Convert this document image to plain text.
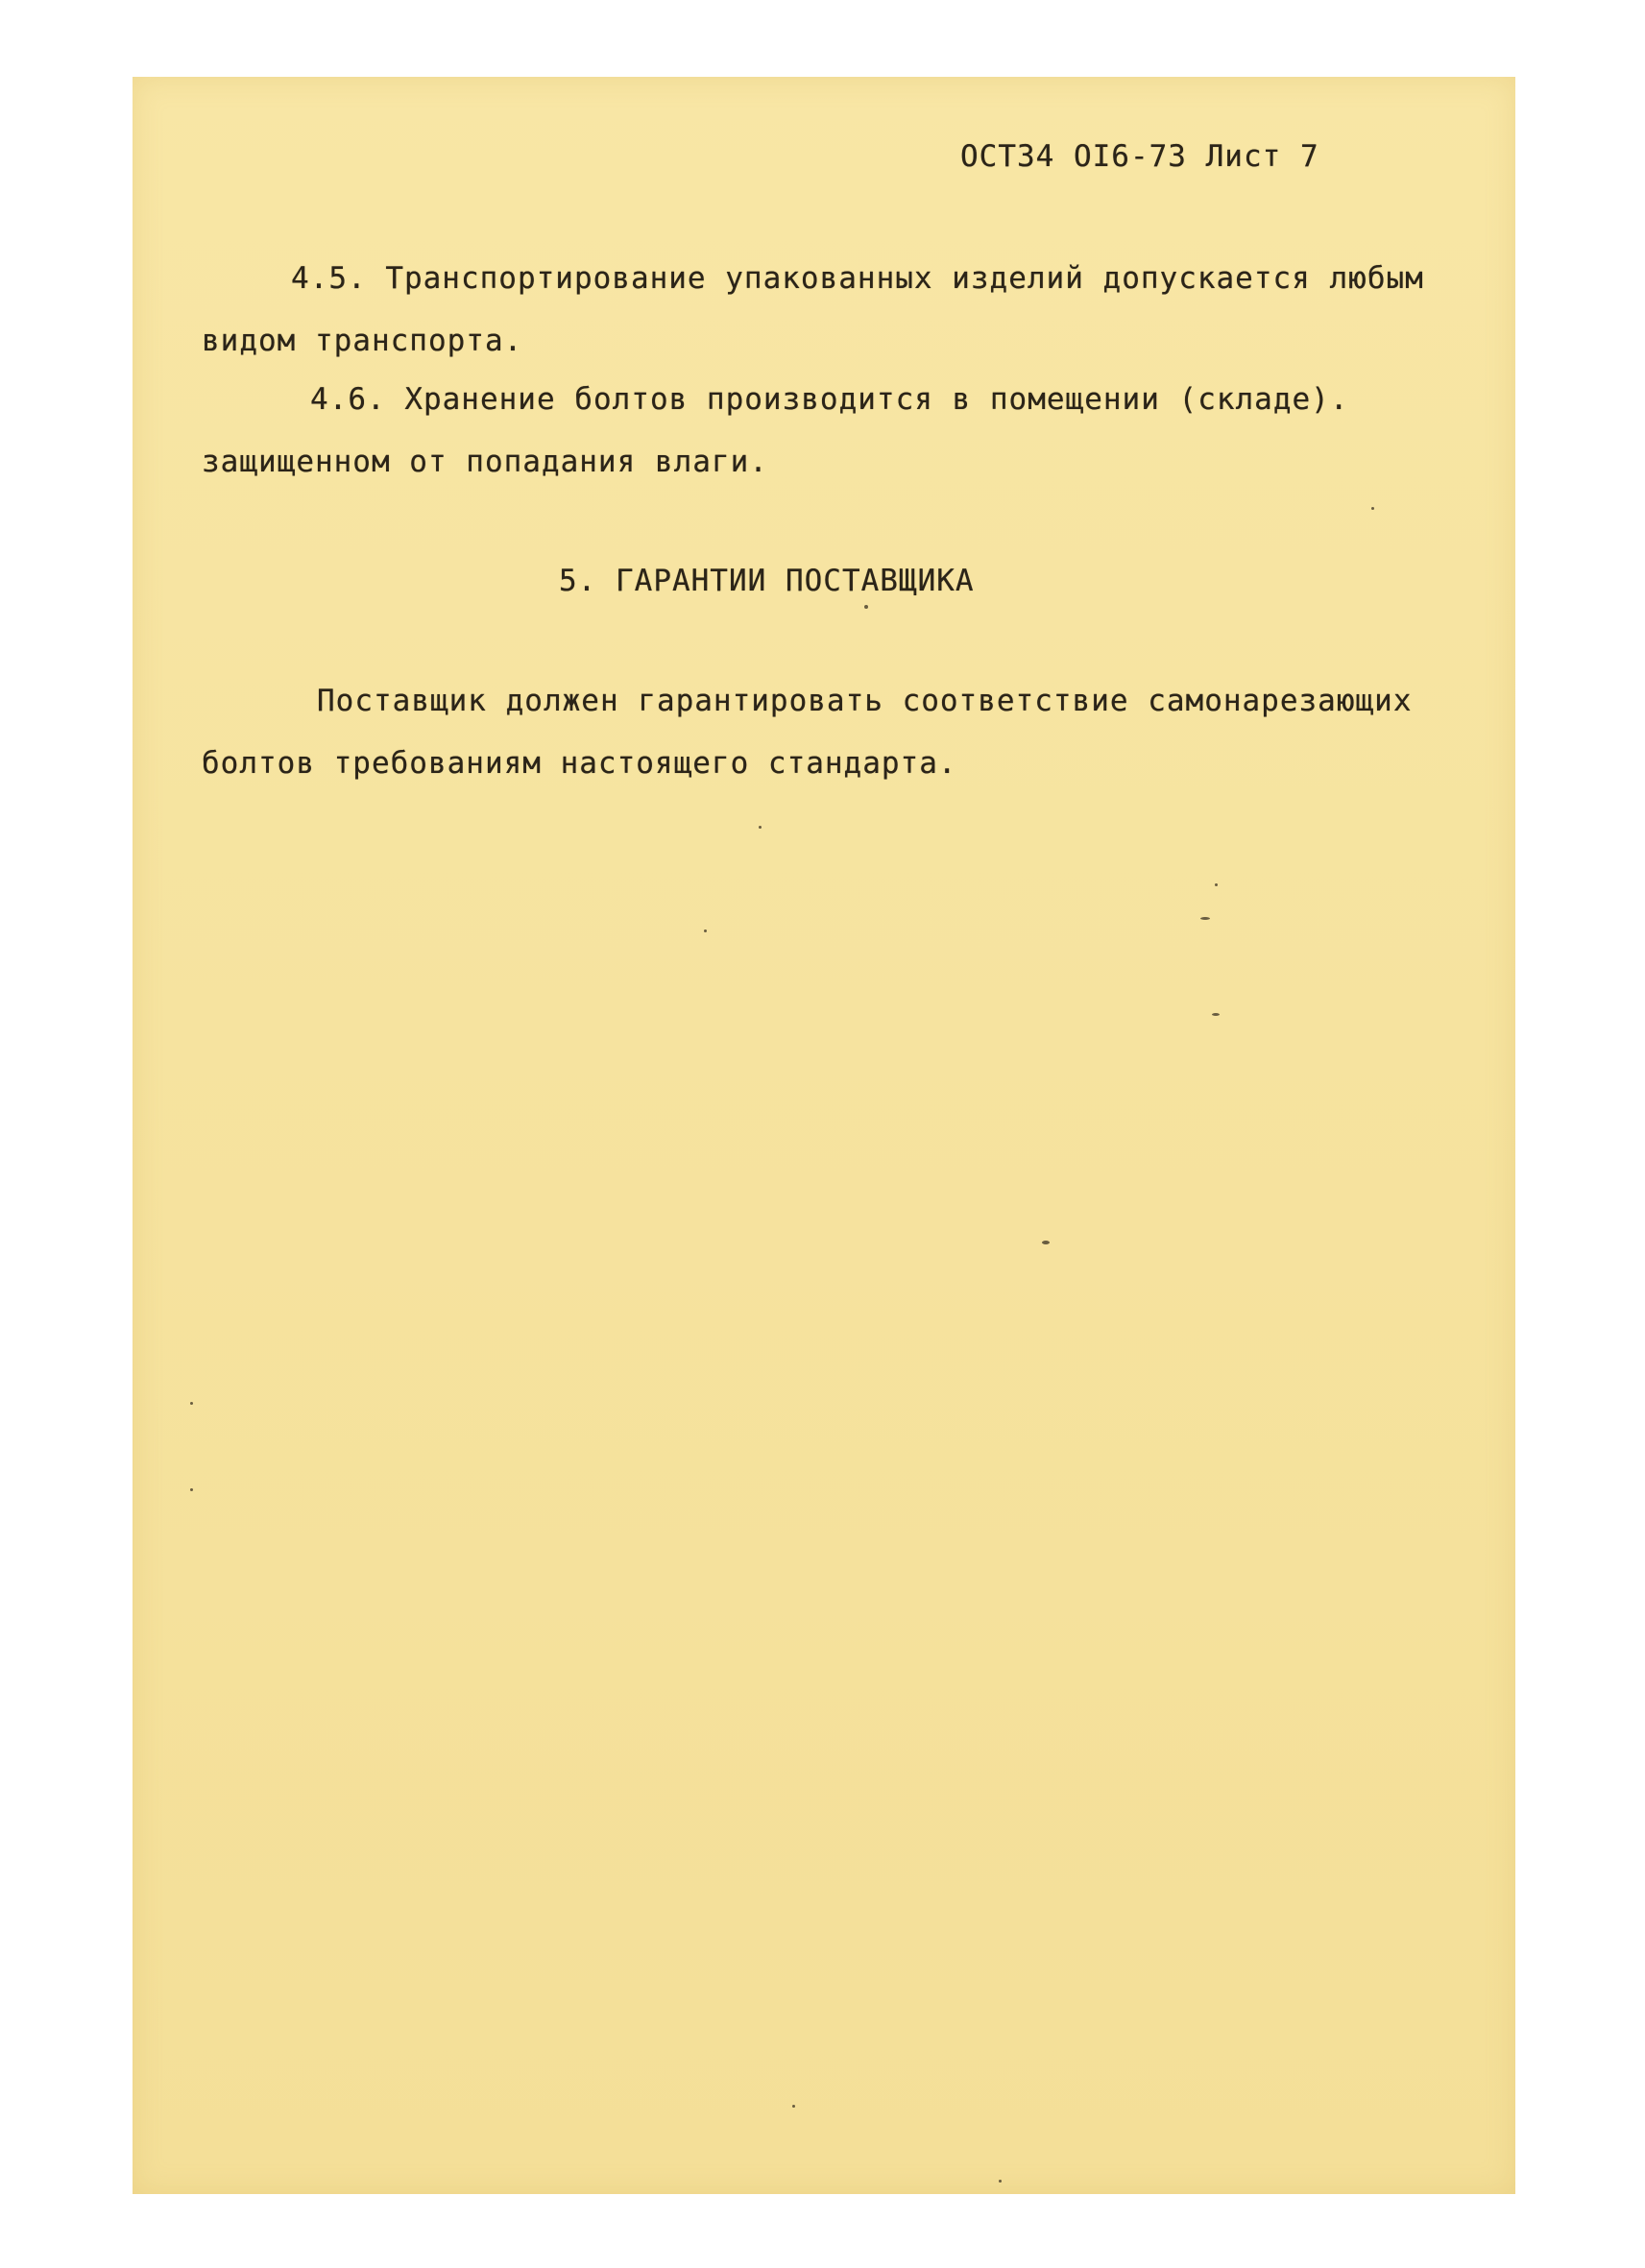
ОСТ34 ОI6-73 Лист 7
4.5. Транспортирование упакованных изделий допускается любым
видом транспорта.
4.6. Хранение болтов производится в помещении (складе).
защищенном от попадания влаги.
5. ГАРАНТИИ ПОСТАВЩИКА
Поставщик должен гарантировать соответствие самонарезающих
болтов требованиям настоящего стандарта.
